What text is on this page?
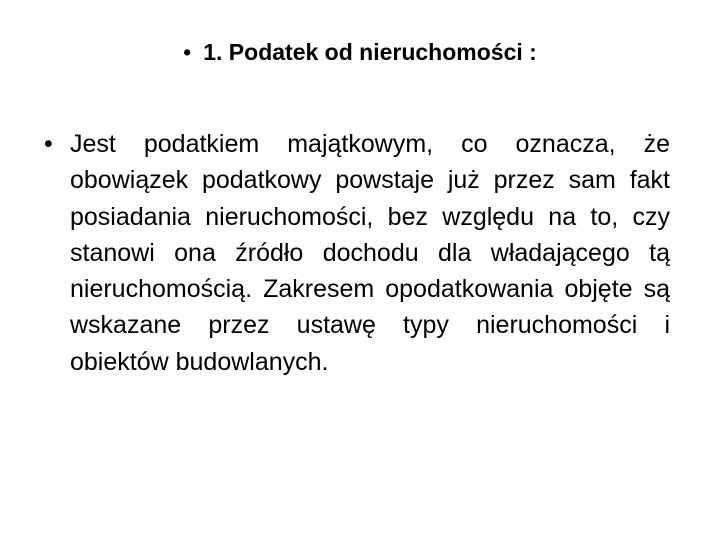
• 1. Podatek od nieruchomości :
• Jest podatkiem majątkowym, co oznacza, że obowiązek podatkowy powstaje już przez sam fakt posiadania nieruchomości, bez względu na to, czy stanowi ona źródło dochodu dla władającego tą nieruchomością. Zakresem opodatkowania objęte są wskazane przez ustawę typy nieruchomości i obiektów budowlanych.
